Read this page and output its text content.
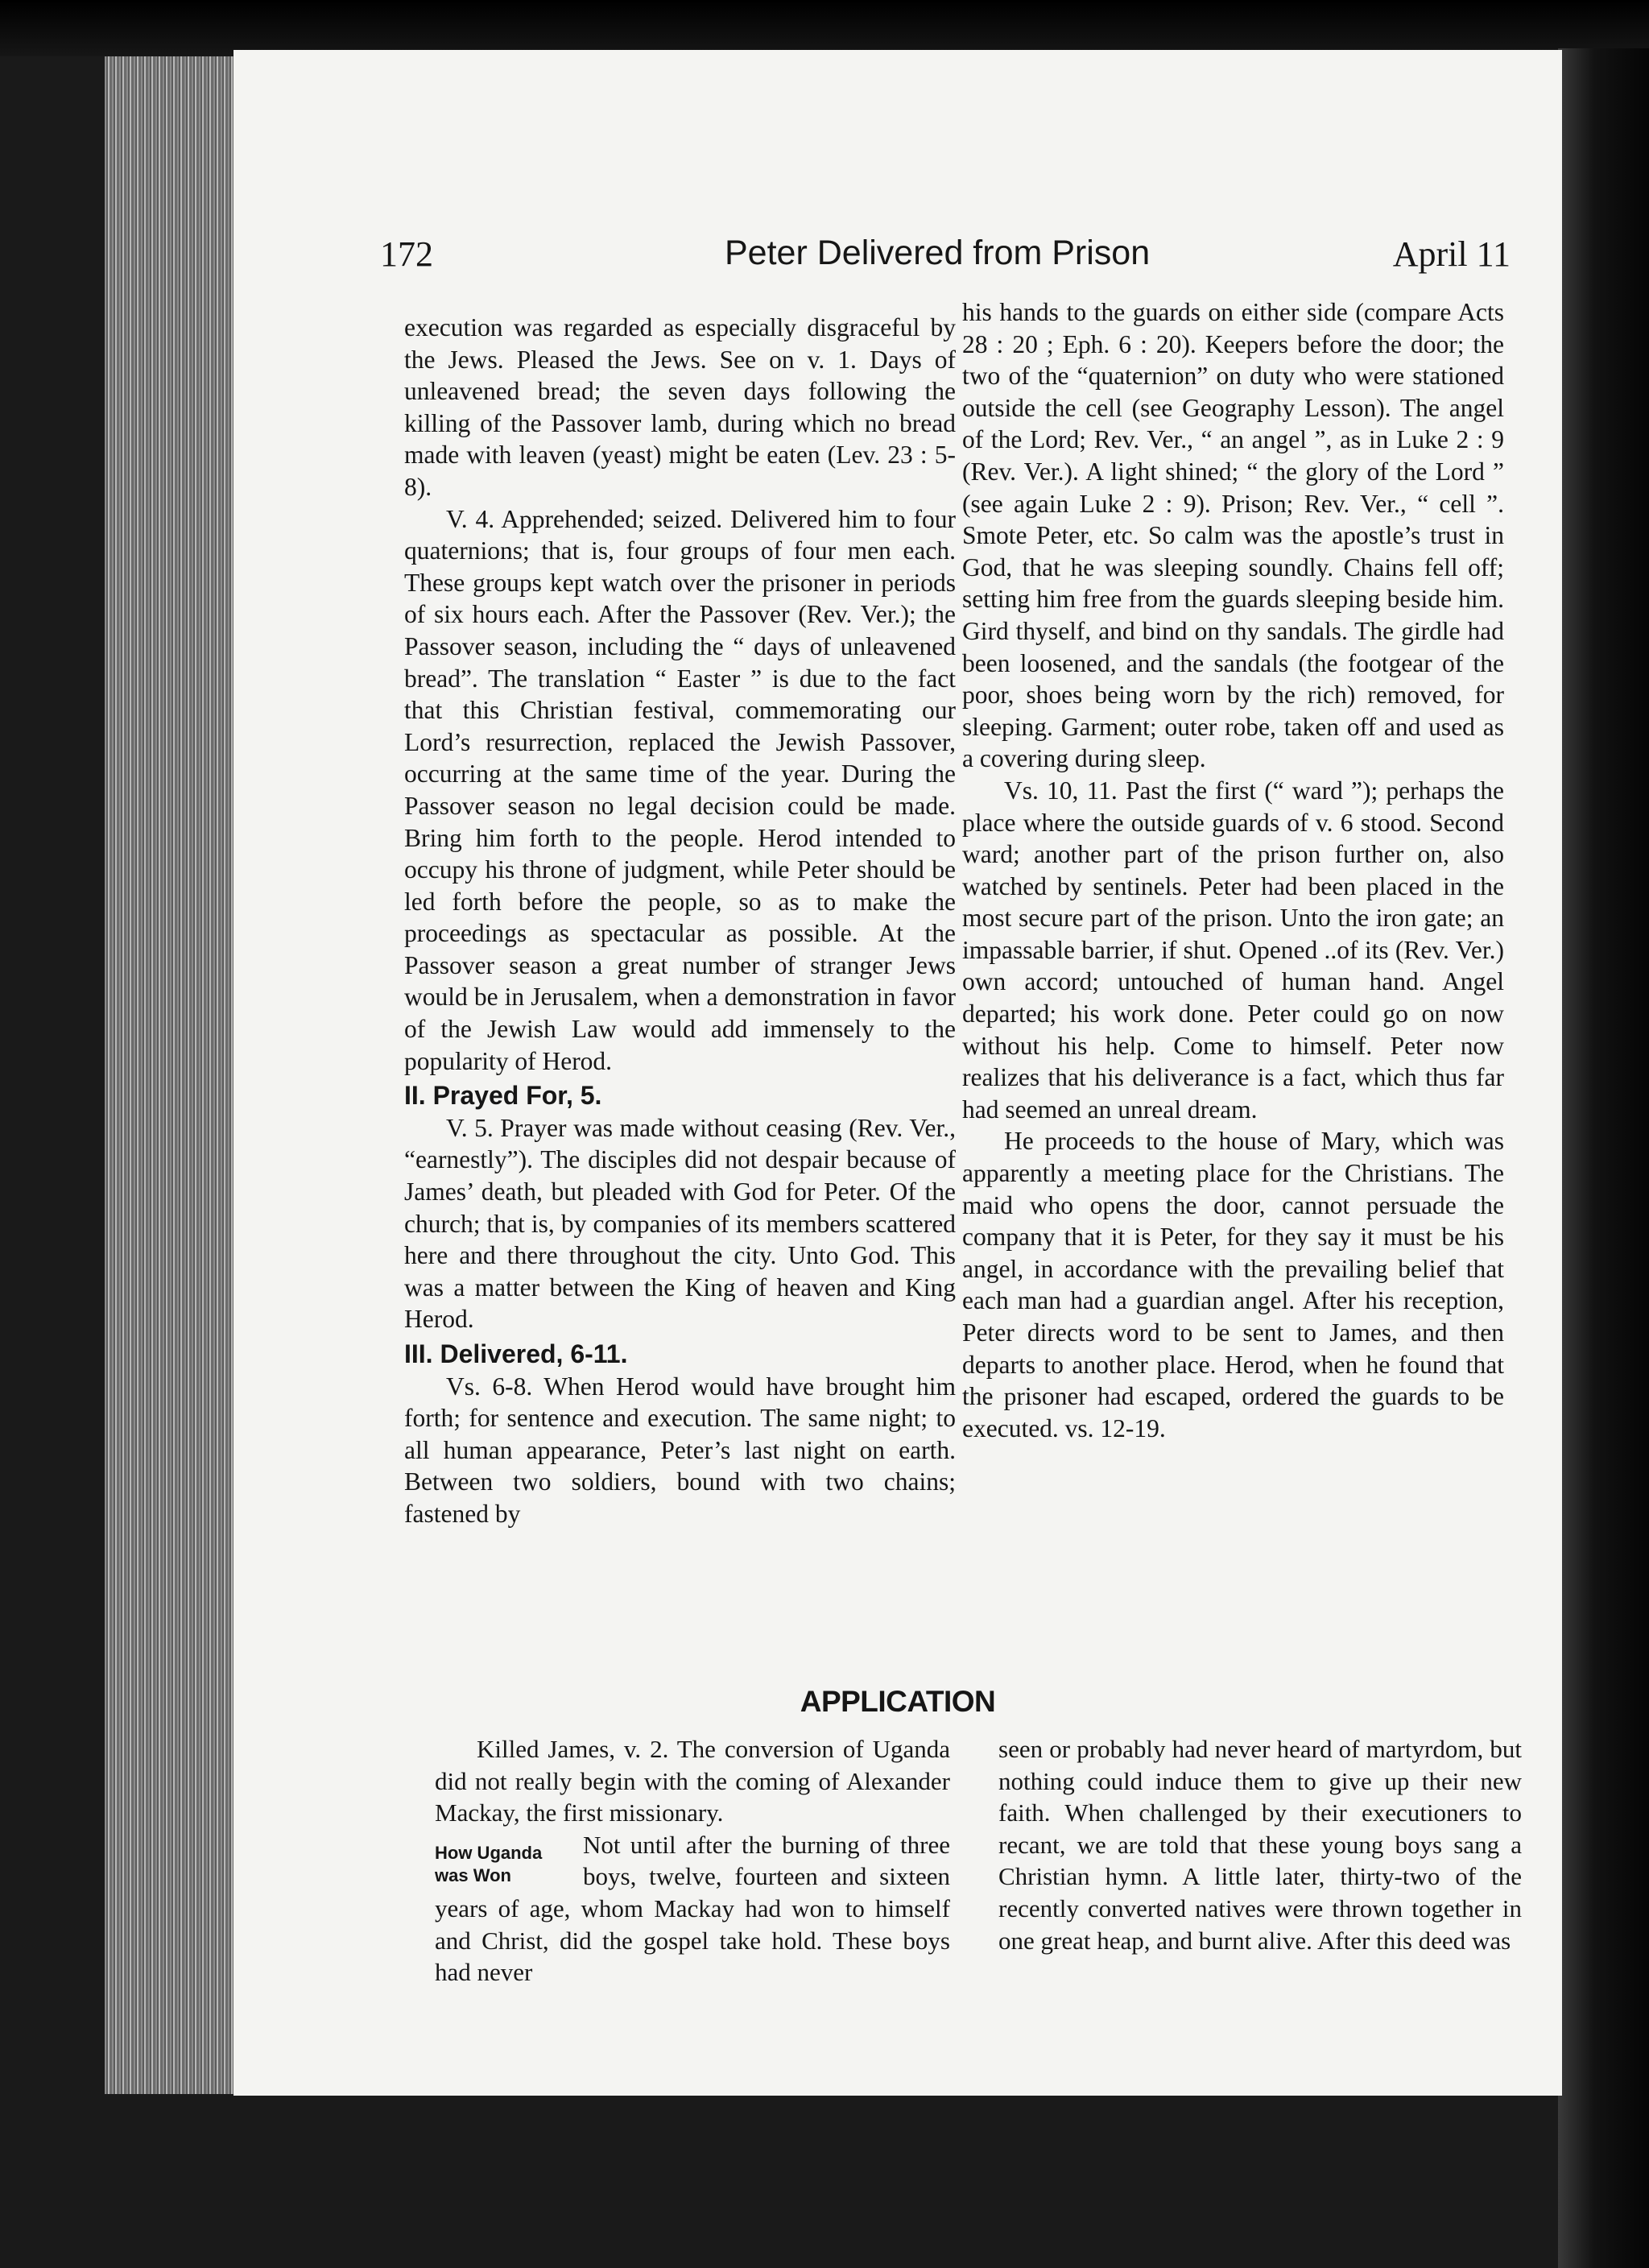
172	Peter Delivered from Prison	April 11

execution was regarded as especially disgraceful by the Jews. Pleased the Jews. See on v. 1. Days of unleavened bread; the seven days following the killing of the Passover lamb, during which no bread made with leaven (yeast) might be eaten (Lev. 23 : 5-8).

V. 4. Apprehended; seized. Delivered him to four quaternions; that is, four groups of four men each. These groups kept watch over the prisoner in periods of six hours each. After the Passover (Rev. Ver.); the Passover season, including the “ days of unleavened bread”. The translation “ Easter ” is due to the fact that this Christian festival, commemorating our Lord’s resurrection, replaced the Jewish Passover, occurring at the same time of the year. During the Passover season no legal decision could be made. Bring him forth to the people. Herod intended to occupy his throne of judgment, while Peter should be led forth before the people, so as to make the proceedings as spectacular as possible. At the Passover season a great number of stranger Jews would be in Jerusalem, when a demonstration in favor of the Jewish Law would add immensely to the popularity of Herod.

II. Prayed For, 5.

V. 5. Prayer was made without ceasing (Rev. Ver., “earnestly”). The disciples did not despair because of James’ death, but pleaded with God for Peter. Of the church; that is, by companies of its members scattered here and there throughout the city. Unto God. This was a matter between the King of heaven and King Herod.

III. Delivered, 6-11.

Vs. 6-8. When Herod would have brought him forth; for sentence and execution. The same night; to all human appearance, Peter’s last night on earth. Between two soldiers, bound with two chains; fastened by

his hands to the guards on either side (compare Acts 28 : 20 ; Eph. 6 : 20). Keepers before the door; the two of the “quaternion” on duty who were stationed outside the cell (see Geography Lesson). The angel of the Lord; Rev. Ver., “ an angel ”, as in Luke 2 : 9 (Rev. Ver.). A light shined; “ the glory of the Lord ” (see again Luke 2 : 9). Prison; Rev. Ver., “ cell ”. Smote Peter, etc. So calm was the apostle’s trust in God, that he was sleeping soundly. Chains fell off; setting him free from the guards sleeping beside him. Gird thyself, and bind on thy sandals. The girdle had been loosened, and the sandals (the footgear of the poor, shoes being worn by the rich) removed, for sleeping. Garment; outer robe, taken off and used as a covering during sleep.

Vs. 10, 11. Past the first (“ ward ”); perhaps the place where the outside guards of v. 6 stood. Second ward; another part of the prison further on, also watched by sentinels. Peter had been placed in the most secure part of the prison. Unto the iron gate; an impassable barrier, if shut. Opened ..of its (Rev. Ver.) own accord; untouched of human hand. Angel departed; his work done. Peter could go on now without his help. Come to himself. Peter now realizes that his deliverance is a fact, which thus far had seemed an unreal dream.

He proceeds to the house of Mary, which was apparently a meeting place for the Christians. The maid who opens the door, cannot persuade the company that it is Peter, for they say it must be his angel, in accordance with the prevailing belief that each man had a guardian angel. After his reception, Peter directs word to be sent to James, and then departs to another place. Herod, when he found that the prisoner had escaped, ordered the guards to be executed. vs. 12-19.

APPLICATION

Killed James, v. 2. The conversion of Uganda did not really begin with the coming of Alexander Mackay, the first missionary.

How Uganda was Won

Not until after the burning of three boys, twelve, fourteen and sixteen years of age, whom Mackay had won to himself and Christ, did the gospel take hold. These boys had never

seen or probably had never heard of martyrdom, but nothing could induce them to give up their new faith. When challenged by their executioners to recant, we are told that these young boys sang a Christian hymn. A little later, thirty-two of the recently converted natives were thrown together in one great heap, and burnt alive. After this deed was
